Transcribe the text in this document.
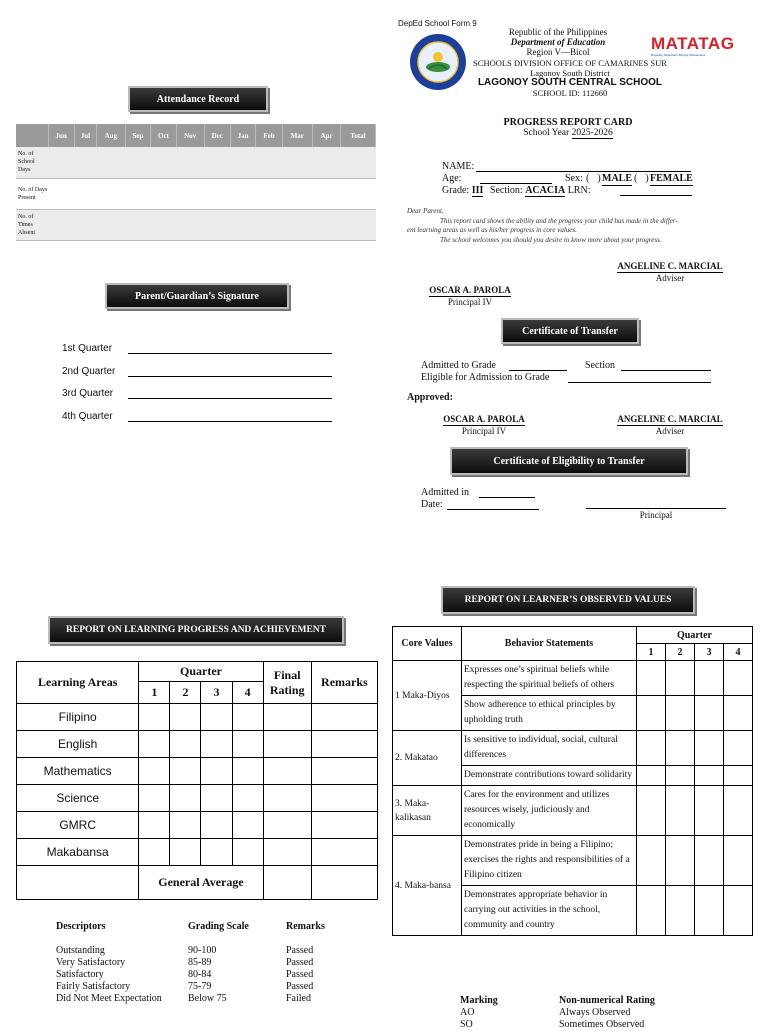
Attendance Record
	Jun	Jul	Aug	Sep	Oct	Nov	Dec	Jan	Feb	Mar	Apr	Total
No. of School Days												
No. of Days Present												
No. of Times Absent												
Parent/Guardian’s Signature
1st Quarter
2nd Quarter
3rd Quarter
4th Quarter
REPORT ON LEARNING PROGRESS AND ACHIEVEMENT
Learning Areas	Quarter				Final Rating	Remarks
	1	2	3	4		
Filipino						
English						
Mathematics						
Science						
GMRC						
Makabansa						
	General Average					
Descriptors	Grading Scale	Remarks
Outstanding	90-100	Passed
Very Satisfactory	85-89	Passed
Satisfactory	80-84	Passed
Fairly Satisfactory	75-79	Passed
Did Not Meet Expectation	Below 75	Failed
DepEd School Form 9
Republic of the Philippines
Department of Education
Region V—Bicol
SCHOOLS DIVISION OFFICE OF CAMARINES SUR
Lagonoy South District
LAGONOY SOUTH CENTRAL SCHOOL
SCHOOL ID: 112660
MATATAG
Bansang Makabata Batang Makabansa
PROGRESS REPORT CARD
School Year 2025-2026
NAME:
Age:	Sex: ( ) MALE ( ) FEMALE
Grade: III Section: ACACIA LRN:
Dear Parent,
This report card shows the ability and the progress your child has made in the differ-
ent learning areas as well as his/her progress in core values.
The school welcomes you should you desire to know more about your progress.
ANGELINE C. MARCIAL
Adviser
OSCAR A. PAROLA
Principal IV
Certificate of Transfer
Admitted to Grade	Section
Eligible for Admission to Grade
Approved:
OSCAR A. PAROLA
Principal IV
ANGELINE C. MARCIAL
Adviser
Certificate of Eligibility to Transfer
Admitted in
Date:
Principal
REPORT ON LEARNER’S OBSERVED VALUES
Core Values	Behavior Statements	Quarter			
		1	2	3	4
1 Maka-Diyos	Expresses one’s spiritual beliefs while respecting the spiritual beliefs of others				
	Show adherence to ethical principles by upholding truth				
2. Makatao	Is sensitive to individual, social, cultural differences				
	Demonstrate contributions toward solidarity				
3. Maka-kalikasan	Cares for the environment and utilizes resources wisely, judiciously and economically				
4. Maka-bansa	Demonstrates pride in being a Filipino; exercises the rights and responsibilities of a Filipino citizen				
	Demonstrates appropriate behavior in carrying out activities in the school, community and country				
Marking	Non-numerical Rating
AO	Always Observed
SO	Sometimes Observed
